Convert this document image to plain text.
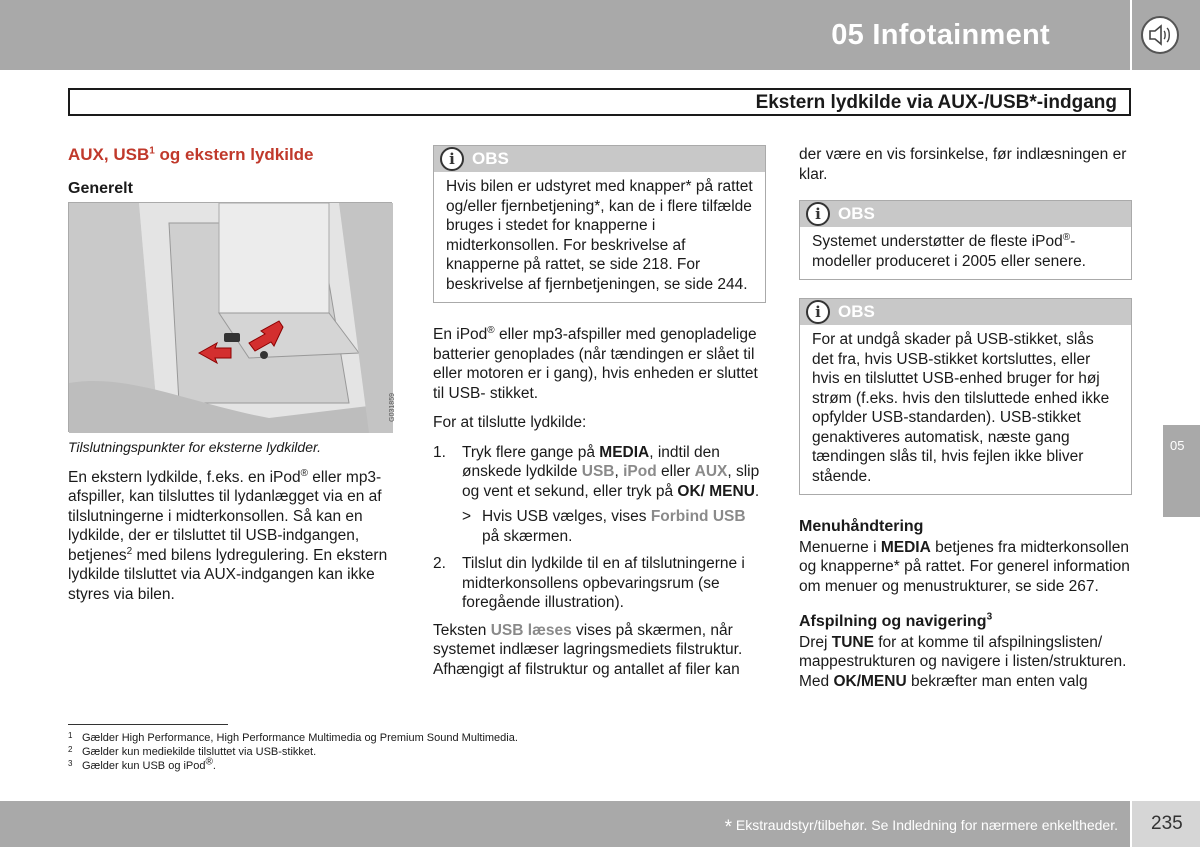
05 Infotainment
Ekstern lydkilde via AUX-/USB*-indgang
AUX, USB$^1$ og ekstern lydkilde
Generelt
G031859
Tilslutningspunkter for eksterne lydkilder.

En ekstern lydkilde, f.eks. en iPod® eller mp3-afspiller, kan tilsluttes til lydanlægget via en af tilslutningerne i midterkonsollen. Så kan en lydkilde, der er tilsluttet til USB-indgangen, betjenes$^2$ med bilens lydregulering. En ekstern lydkilde tilsluttet via AUX-indgangen kan ikke styres via bilen.

i	OBS
Hvis bilen er udstyret med knapper* på rattet og/eller fjernbetjening*, kan de i flere tilfælde bruges i stedet for knapperne i midterkonsollen. For beskrivelse af knapperne på rattet, se side 218. For beskrivelse af fjernbetjeningen, se side 244.

En iPod® eller mp3-afspiller med genopladelige batterier genoplades (når tændingen er slået til eller motoren er i gang), hvis enheden er sluttet til USB- stikket.

For at tilslutte lydkilde:

1. Tryk flere gange på MEDIA, indtil den ønskede lydkilde USB, iPod eller AUX, slip og vent et sekund, eller tryk på OK/ MENU.
> Hvis USB vælges, vises Forbind USB på skærmen.
2. Tilslut din lydkilde til en af tilslutningerne i midterkonsollens opbevaringsrum (se foregående illustration).

Teksten USB læses vises på skærmen, når systemet indlæser lagringsmediets filstruktur. Afhængigt af filstruktur og antallet af filer kan

der være en vis forsinkelse, før indlæsningen er klar.

i	OBS
Systemet understøtter de fleste iPod®-modeller produceret i 2005 eller senere.
i	OBS
For at undgå skader på USB-stikket, slås det fra, hvis USB-stikket kortsluttes, eller hvis en tilsluttet USB-enhed bruger for høj strøm (f.eks. hvis den tilsluttede enhed ikke opfylder USB-standarden). USB-stikket genaktiveres automatisk, næste gang tændingen slås til, hvis fejlen ikke bliver stående.
Menuhåndtering

Menuerne i MEDIA betjenes fra midterkonsollen og knapperne* på rattet. For generel information om menuer og menustrukturer, se side 267.

Afspilning og navigering$^3$

Drej TUNE for at komme til afspilningslisten/ mappestrukturen og navigere i listen/strukturen. Med OK/MENU bekræfter man enten valg

1 Gælder High Performance, High Performance Multimedia og Premium Sound Multimedia.
2 Gælder kun mediekilde tilsluttet via USB-stikket.
3 Gælder kun USB og iPod®.
05
* Ekstraudstyr/tilbehør. Se Indledning for nærmere enkeltheder. 235
